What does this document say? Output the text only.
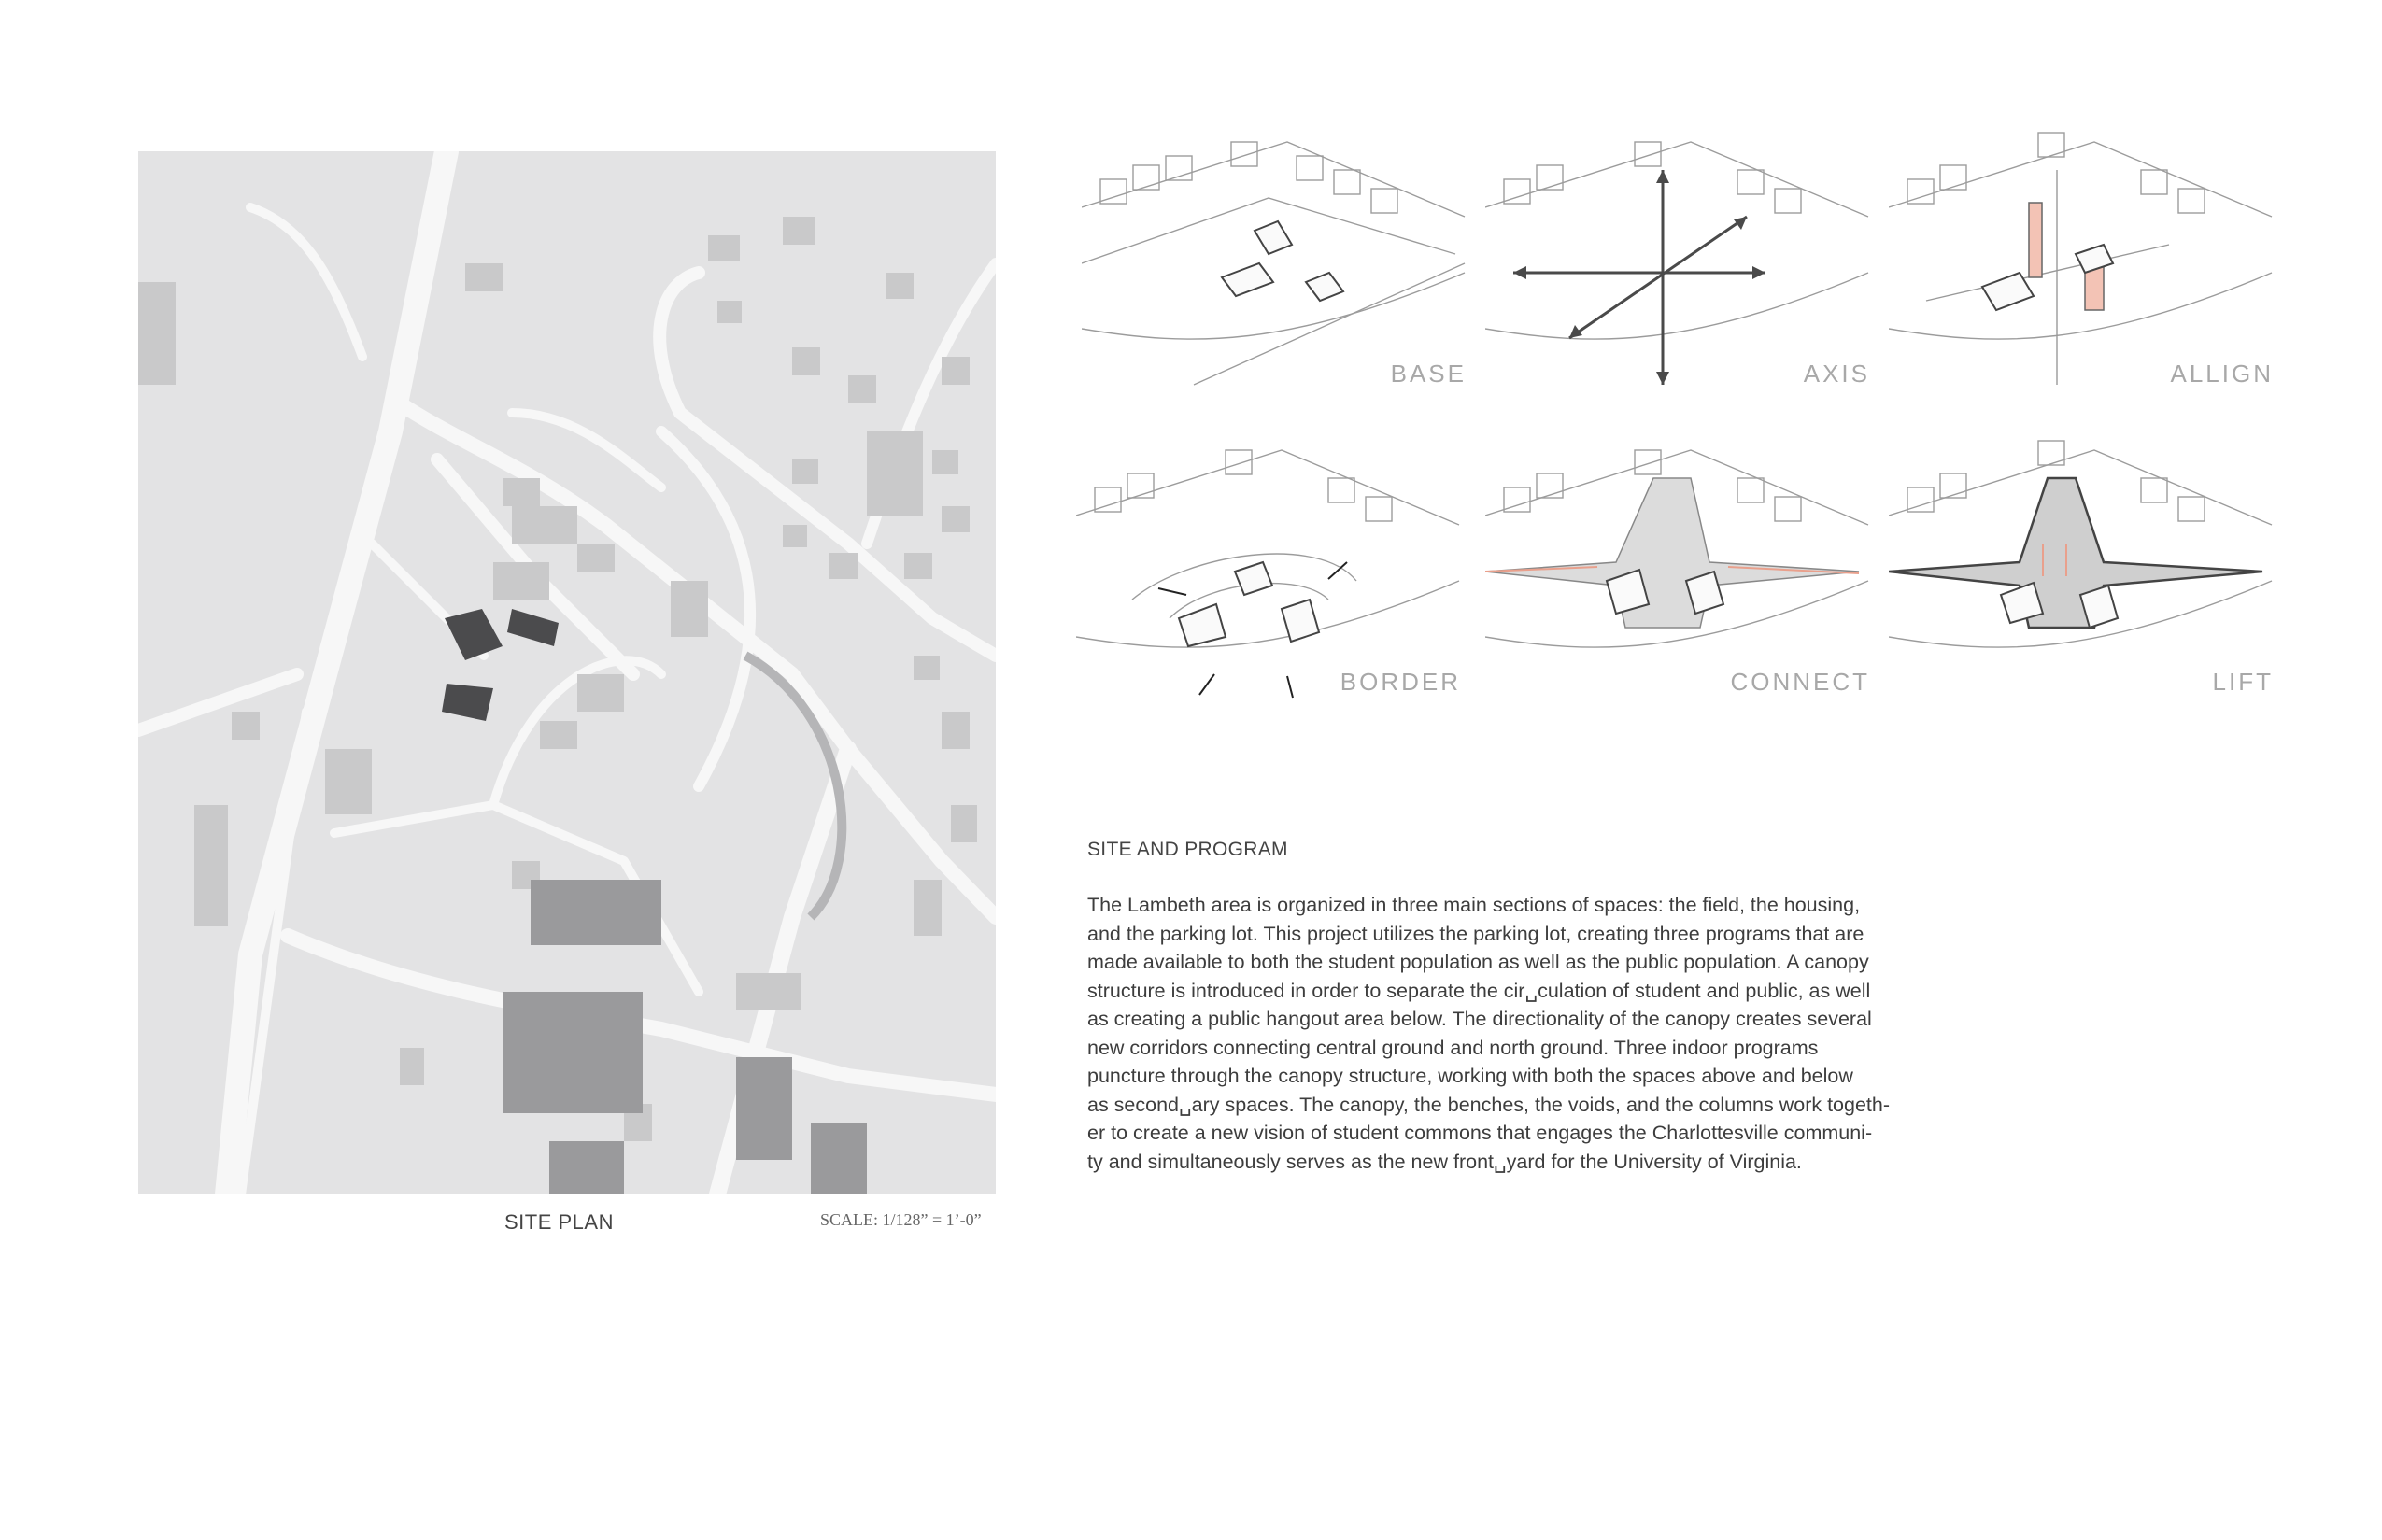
SITE PLAN	SCALE: 1/128” = 1’-0”
BASE	AXIS	ALLIGN
BORDER	CONNECT	LIFT

SITE AND PROGRAM

The Lambeth area is organized in three main sections of spaces: the field, the housing,
and the parking lot. This project utilizes the parking lot, creating three programs that are
made available to both the student population as well as the public population. A canopy
structure is introduced in order to separate the cir␣culation of student and public, as well
as creating a public hangout area below. The directionality of the canopy creates several
new corridors connecting central ground and north ground. Three indoor programs
puncture through the canopy structure, working with both the spaces above and below
as second␣ary spaces. The canopy, the benches, the voids, and the columns work togeth-
er to create a new vision of student commons that engages the Charlottesville communi-
ty and simultaneously serves as the new front␣yard for the University of Virginia.
